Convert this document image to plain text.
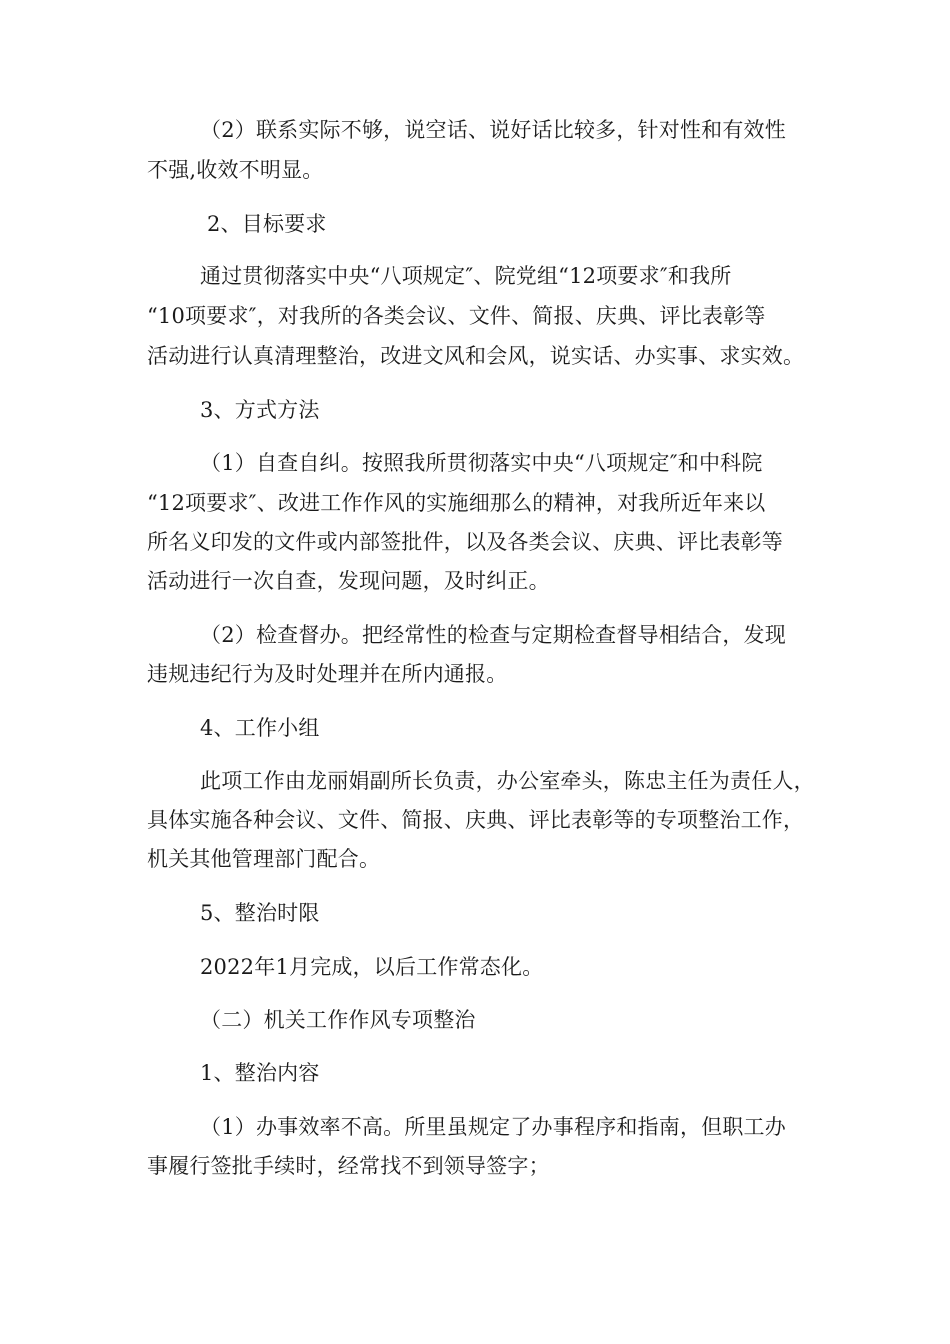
（2）联系实际不够，说空话、说好话比较多，针对性和有效性
不强,收效不明显。
2、目标要求
通过贯彻落实中央“八项规定″、院党组“12项要求″和我所
“10项要求″，对我所的各类会议、文件、简报、庆典、评比表彰等
活动进行认真清理整治，改进文风和会风，说实话、办实事、求实效。
3、方式方法
（1）自查自纠。按照我所贯彻落实中央“八项规定″和中科院
“12项要求″、改进工作作风的实施细那么的精神，对我所近年来以
所名义印发的文件或内部签批件，以及各类会议、庆典、评比表彰等
活动进行一次自查，发现问题，及时纠正。
（2）检查督办。把经常性的检查与定期检查督导相结合，发现
违规违纪行为及时处理并在所内通报。
4、工作小组
此项工作由龙丽娟副所长负责，办公室牵头，陈忠主任为责任人，
具体实施各种会议、文件、简报、庆典、评比表彰等的专项整治工作，
机关其他管理部门配合。
5、整治时限
2022年1月完成，以后工作常态化。
（二）机关工作作风专项整治
1、整治内容
（1）办事效率不高。所里虽规定了办事程序和指南，但职工办
事履行签批手续时，经常找不到领导签字；
